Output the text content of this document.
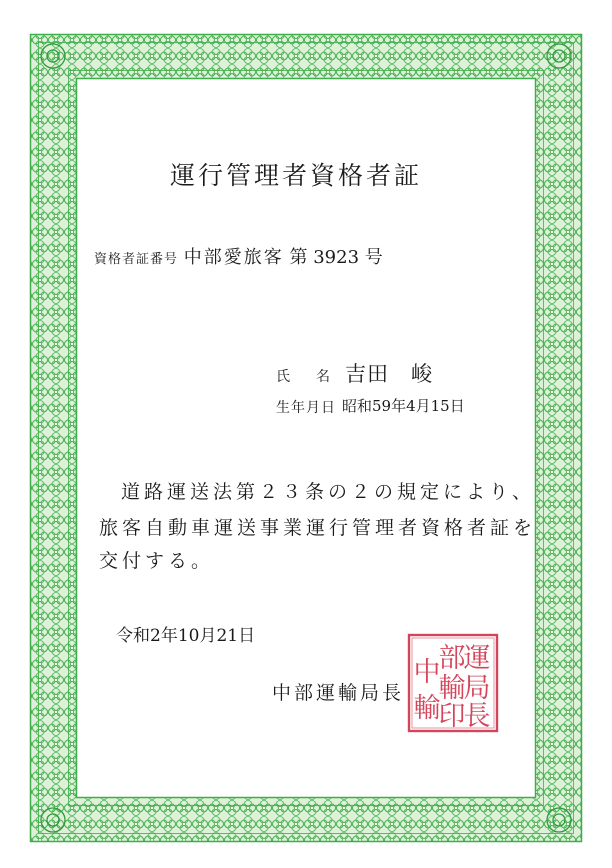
運行管理者資格者証
資格者証番号 中部愛旅客 第 3923 号
氏 名 吉田　峻
生年月日 昭和59年4月15日
道路運送法第２３条の２の規定により、
旅客自動車運送事業運行管理者資格者証を
交付する。
令和2年10月21日
中部運輸局長
運
局
長
部
輸
印
中
輸
